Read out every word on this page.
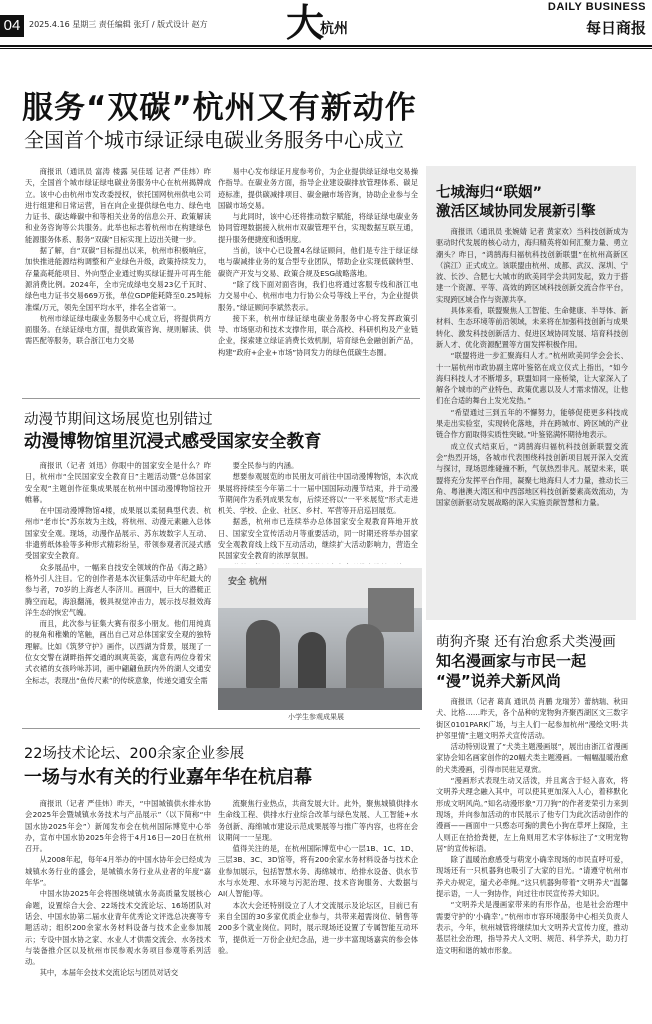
04	2025.4.16 星期三 责任编辑 张玎 / 版式设计 赵方 大
杭州
DAILY BUSINESS
每日商报
服务“双碳”杭州又有新动作
全国首个城市绿证绿电碳业务服务中心成立

商报讯（通讯员 富涛 楼露 吴佳瑶 记者 严佳炜）昨天，全国首个城市绿证绿电碳业务服务中心在杭州揭牌成立。该中心由杭州市发改委授权，依托国网杭州供电公司进行组建和日常运营，旨在向企业提供绿色电力、绿色电力证书、碳达峰碳中和等相关业务的信息公开、政策解读和业务咨询等公共服务。此举也标志着杭州市在构建绿色能源服务体系、服务“双碳”目标实现上迈出关键一步。

据了解，自“双碳”目标提出以来，杭州市积极响应，加快推进能源结构调整和产业绿色升级，政策持续发力，存量高耗能项目、外向型企业通过购买绿证提升可再生能源消费比例。2024年，全市完成绿电交易23亿千瓦时、绿色电力证书交易669万张，单位GDP能耗降至0.25吨标准煤/万元，领先全国平均水平，排名全省第一。

杭州市绿证绿电碳业务服务中心成立后，将提供两方面服务。在绿证绿电方面，提供政策咨询、规则解读、供需匹配等服务，联合浙江电力交易

易中心发布绿证月度参考价，为企业提供绿证绿电交易操作指导。在碳业务方面，指导企业建设碳排放管理体系、碳足迹标准，提供碳减排项目、碳金融市场咨询，协助企业参与全国碳市场交易。

与此同时，该中心还将推动数字赋能，将绿证绿电碳业务协同管理数据接入杭州市双碳管理平台，实现数据互联互通，提升服务便捷度和透明度。

当前，该中心已设置4名绿证顾问，他们是专注于绿证绿电与碳减排业务的复合型专业团队，帮助企业实现低碳转型、碳资产开发与交易、政策合规及ESG战略落地。

“除了线下面对面咨询，我们也将通过客服专线和浙江电力交易中心、杭州市电力行协公众号等线上平台，为企业提供服务。”绿证顾问李斌然表示。

接下来，杭州市绿证绿电碳业务服务中心将发挥政策引导、市场驱动和技术支撑作用，联合高校、科研机构及产业链企业，探索建立绿证消费长效机制，培育绿色金融创新产品，构建“政府+企业+市场”协同发力的绿色低碳生态圈。

七城海归“联姻”
激活区域协同发展新引擎

商报讯（通讯员 张婉婧 记者 黄家欢）当科技创新成为驱动时代发展的核心动力，海归精英将如何汇聚力量、勇立潮头？昨日，“鸿鹄海归福杭科技创新联盟”在杭州高新区（滨江）正式成立。该联盟由杭州、成都、武汉、深圳、宁波、长沙、合肥七大城市的欧美同学会共同发起，致力于搭建一个资源、平等、高效的跨区域科技创新交流合作平台，实现跨区域合作与资源共享。

具体来看，联盟聚焦人工智能、生命健康、半导体、新材料、生态环境等前沿领域，未来将在加强科技创新与成果转化、激发科技创新活力、促进区域协同发展、培育科技创新人才、优化资源配置等方面发挥积极作用。

“联盟将进一步汇聚海归人才。”杭州欧美同学会会长、十一届杭州市政协副主席叶鉴铭在成立仪式上指出，“如今海归科技人才不断增多，联盟如同一座桥梁，让大家深入了解各个城市的产业特色、政策优惠以及人才需求情况，让他们在合适的舞台上发光发热。”

“希望通过三到五年的不懈努力，能够促使更多科技成果走出实验室，实现转化落地，并在跨城市、跨区域的产业链合作方面取得实质性突破。”叶鉴铭满怀期待地表示。

成立仪式结束后，“鸿鹄海归福杭科技创新联盟交流会”热烈开场，各城市代表围绕科技创新项目展开深入交流与探讨，现场思维碰撞不断，气氛热烈非凡。展望未来，联盟将充分发挥平台作用，凝聚七地海归人才力量，推动长三角、粤港澳大湾区和中西部地区科技创新要素高效流动，为国家创新驱动发展战略的深入实施贡献智慧和力量。

动漫节期间这场展览也别错过
动漫博物馆里沉浸式感受国家安全教育

商报讯（记者 刘迅）你眼中的国家安全是什么？昨日，杭州市“全民国家安全教育日”主题活动暨“总体国家安全观”主题创作征集成果展在杭州中国动漫博物馆拉开帷幕。

在中国动漫博物馆4楼，成果展以柔韧典型代表、杭州市“老市长”苏东坡为主线，将杭州、动漫元素融入总体国家安全观。现场，动漫作品展示、苏东坡数字人互动、非遗剪纸体验等多种形式精彩纷呈，带领参观者沉浸式感受国家安全教育。

众多展品中，一幅来自技安全领域的作品《海之路》格外引人注目。它的创作者是本次征集活动中年纪最大的参与者，70岁的上海老人李济川。画面中，巨大的潜艇正腾空而起，海浪翻涌，极具视觉冲击力，展示技尽报效海洋生态的恢宏气魄。

而且，此次参与征集大赛有很多小朋友。他们用纯真的视角和稚嫩的笔触，画出自己对总体国家安全观的独特理解。比如《筑梦守护》画作，以西湖为背景，展现了一位女交警在湖畔指挥交通的飒爽英姿，寓意有两位身着宋式衣裙的女孩吟咏苏词，画中翩翩鱼跃内外的湖人交通安全标志，表现出“鱼传尺素”的传统意象，传递交通安全需

要全民参与的内涵。

想要参观展览的市民朋友可前往中国动漫博物馆，本次成果展将持续至今年第二十一届中国国际动漫节结束，并于动漫节期间作为系列成果发布，后续还将以“一平米展览”形式走进机关、学校、企业、社区、乡村、军营等开启巡回展览。

据悉，杭州市已连续举办总体国家安全观教育阵地开放日、国家安全宣传活动月等重要活动，同一时期还将举办国家安全观教育线上线下互动活动，继续扩大活动影响力，营造全民国家安全教育的浓厚氛围。

安全 杭州
小学生参观成果展
22场技术论坛、200余家企业参展
一场与水有关的行业嘉年华在杭启幕

商报讯（记者 严佳炜）昨天，“中国城镇供水排水协会2025年会暨城镇水务技术与产品展示”（以下简称“中国水协2025年会”）新闻发布会在杭州国际博览中心举办，宣布中国水协2025年会将于4月16日—20日在杭州召开。

从2008年起，每年4月举办的中国水协年会已经成为城镇水务行业的盛会，是城镇水务行业从业者的年度“嘉年华”。

中国水协2025年会将围绕城镇水务高质量发展核心命题，设置综合大会、22场技术交流论坛、16场团队对话会、中国水协第二届水业青年优秀论文评选总决赛等专题活动；组织200余家水务材料设备与技术企业参加展示；专设中国水协之家、水业人才供需交流会、水务技术与装备推介区以及杭州市民参观水务项目参观等系列活动。

其中，本届年会技术交流论坛与团员对话交

流聚焦行业热点，共商发展大计。此外，聚焦城镇供排水生命线工程、供排水行业综合改革与绿色发展、人工智能+水务创新、海绵城市建设示范成果展等与推广等内容，也将在会议期间一一呈现。

值得关注的是，在杭州国际博览中心一层1B、1C、1D、三层3B、3C、3D馆等，将有200余家水务材料设备与技术企业参加展示，包括智慧水务、海绵城市、给排水设备、供水节水与水处理、水环境与污泥治理、技术咨询服务、大数据与AI(人智能)等。

本次大会还特别设立了人才交流展示及论坛区，目前已有来自全国的30多家优质企业参与，共带来超需岗位、销售等200多个就业岗位。同时，展示现场还设置了专属智能互动环节，提供近一万份企业纪念品，进一步丰富现场嘉宾的参会体验。

萌狗齐聚 还有治愈系犬类漫画
知名漫画家与市民一起
“漫”说养犬新风尚

商报讯（记者 葛真 通讯员 肖鹏 龙瑞芳）蕾纳瑞、秋田犬、比格……昨天，各个品种的宠物狗齐聚西湖区文三数字街区0101PARK广场，与主人们一起参加杭州“漫绘文明·共护邻里情”主题文明养犬宣传活动。

活动特别设置了“犬类主题漫画展”，展出由浙江省漫画家协会知名画家创作的20幅犬类主题漫画。一幅幅温暖治愈的犬类漫画，引得市民驻足观赏。

“漫画形式表现生动又活泼，并且寓含于轻入喜欢，将文明养犬理念融入其中，可以使其更加深入人心，着移默化形成文明风尚。”知名动漫形象“刀刀狗”的作者麦荣引力来到现场，并向参加活动的市民展示了他专门为此次活动创作的漫画——画面中一只憨态可掬的黄色小狗在草坪上探险，主人则正在拾拾粪便，左上角则用艺术字体标注了“文明宠物居”的宣传标语。

除了温暖治愈感受与萌宠小确幸现场的市民直呼可爱，现场还有一只机器狗也吸引了大家的目光。“请遵守杭州市养犬办规定，遛犬必牵绳。”这只机器狗带着“文明养犬”温馨提示语，一人一狗协作，向过往市民宣传养犬知识。

“文明养犬是漫画家带来的有形作品，也是社会治理中需要守护的‘小确幸’。”杭州市市容环境服务中心相关负责人表示，今年，杭州城管将继续加大文明养犬宣传力度，推动基层社会治理，指导养犬人文明、规范、科学养犬，助力打造文明和谐的城市形象。
